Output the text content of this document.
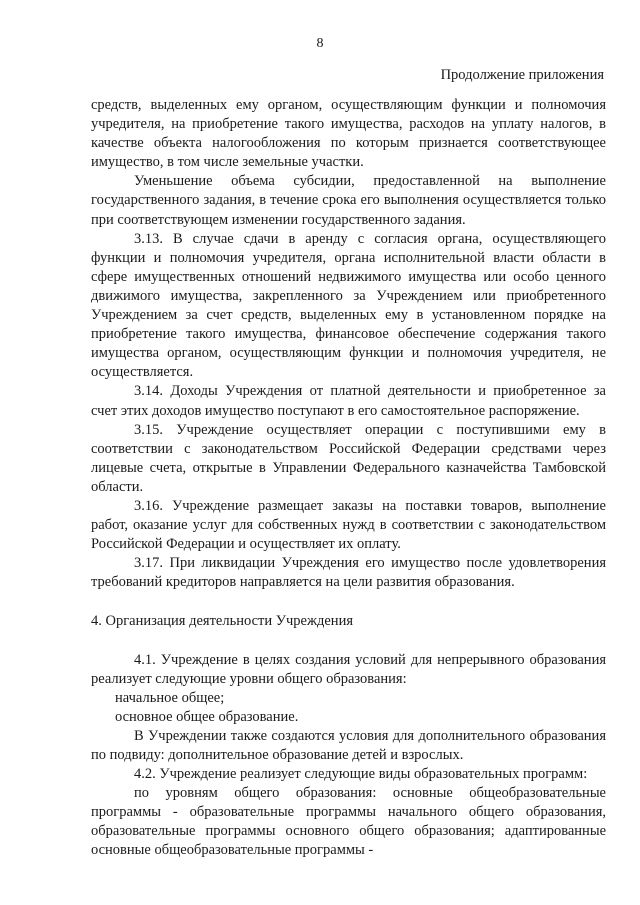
8
Продолжение приложения

средств, выделенных ему органом, осуществляющим функции и полномочия учредителя, на приобретение такого имущества, расходов на уплату налогов, в качестве объекта налогообложения по которым признается соответствующее имущество, в том числе земельные участки.

Уменьшение объема субсидии, предоставленной на выполнение государственного задания, в течение срока его выполнения осуществляется только при соответствующем изменении государственного задания.

3.13. В случае сдачи в аренду с согласия органа, осуществляющего функции и полномочия учредителя, органа исполнительной власти области в сфере имущественных отношений недвижимого имущества или особо ценного движимого имущества, закрепленного за Учреждением или приобретенного Учреждением за счет средств, выделенных ему в установленном порядке на приобретение такого имущества, финансовое обеспечение содержания такого имущества органом, осуществляющим функции и полномочия учредителя, не осуществляется.

3.14. Доходы Учреждения от платной деятельности и приобретенное за счет этих доходов имущество поступают в его самостоятельное распоряжение.

3.15. Учреждение осуществляет операции с поступившими ему в соответствии с законодательством Российской Федерации средствами через лицевые счета, открытые в Управлении Федерального казначейства Тамбовской области.

3.16. Учреждение размещает заказы на поставки товаров, выполнение работ, оказание услуг для собственных нужд в соответствии с законодательством Российской Федерации и осуществляет их оплату.

3.17. При ликвидации Учреждения его имущество после удовлетворения требований кредиторов направляется на цели развития образования.

4. Организация деятельности Учреждения

4.1. Учреждение в целях создания условий для непрерывного образования реализует следующие уровни общего образования:

начальное общее;

основное общее образование.

В Учреждении также создаются условия для дополнительного образования по подвиду: дополнительное образование детей и взрослых.

4.2. Учреждение реализует следующие виды образовательных программ:

по уровням общего образования: основные общеобразовательные программы - образовательные программы начального общего образования, образовательные программы основного общего образования; адаптированные основные общеобразовательные программы -
